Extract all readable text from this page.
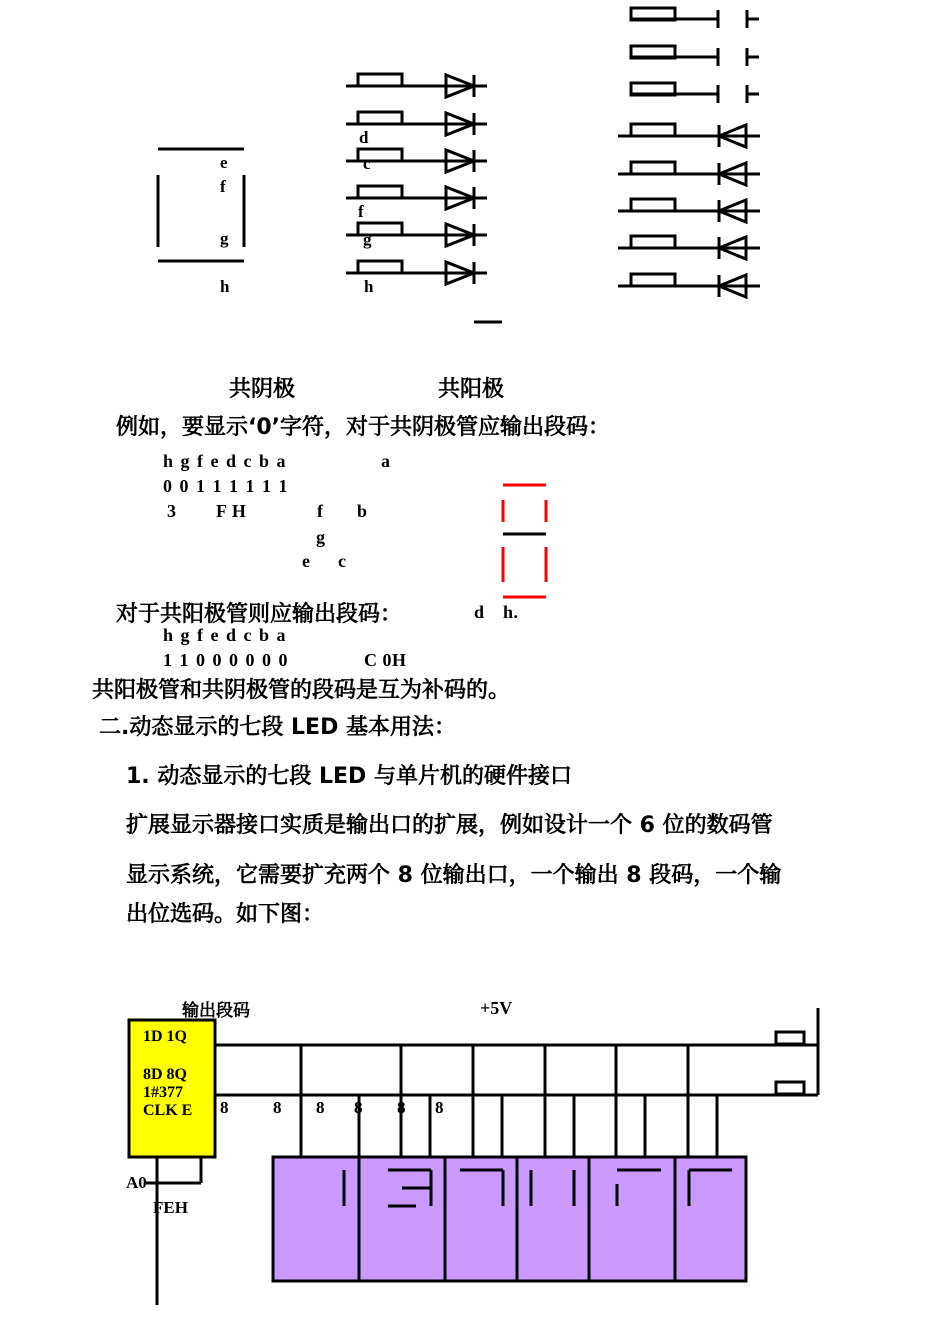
e
f
g
h
d
c
f
g
h
共阴极	共阳极
例如，要显示‘0’字符，对于共阴极管应输出段码：
h g f e d c b a	a
0 0 1 1 1 1 1 1
3 F H	f b
g
e c
对于共阳极管则应输出段码：	d h.
h g f e d c b a
1 1 0 0 0 0 0 0	C 0H
共阳极管和共阴极管的段码是互为补码的。
二.动态显示的七段 LED 基本用法：
1. 动态显示的七段 LED 与单片机的硬件接口
扩展显示器接口实质是输出口的扩展，例如设计一个 6 位的数码管
显示系统，它需要扩充两个 8 位输出口，一个输出 8 段码，一个输
出位选码。如下图：
输出段码	+5V
1D 1Q
8D 8Q
1#377
CLK E 8	8 8 8 8 8
A0
FEH
